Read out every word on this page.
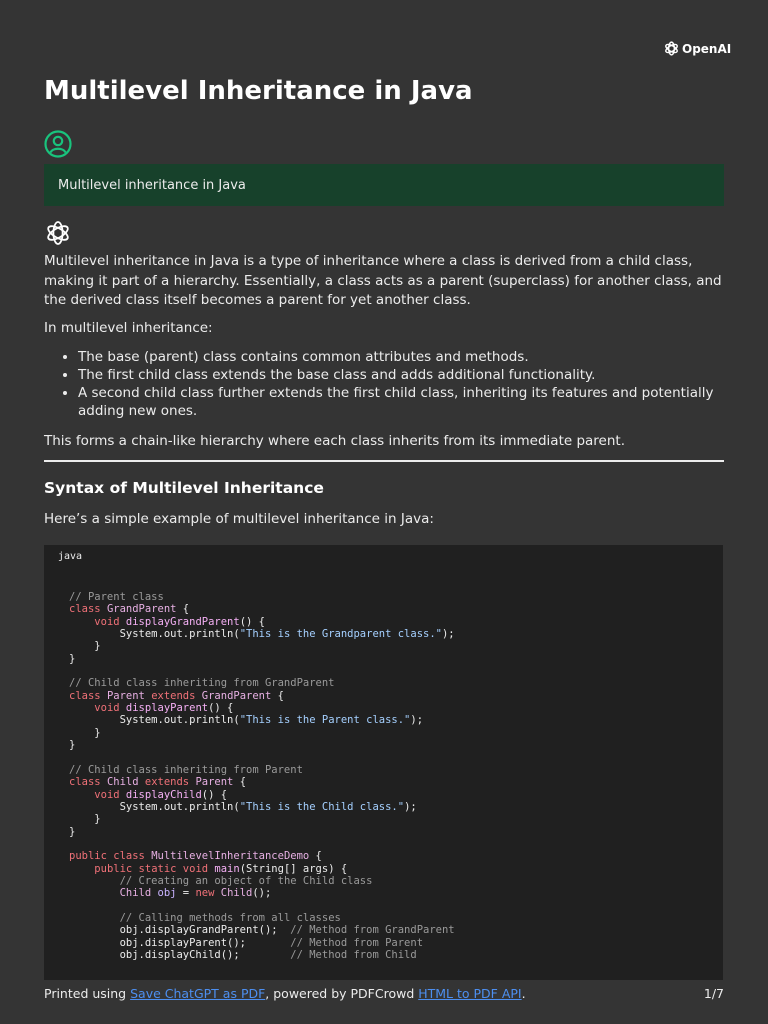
OpenAI
Multilevel Inheritance in Java
Multilevel inheritance in Java

Multilevel inheritance in Java is a type of inheritance where a class is derived from a child class, making it part of a hierarchy. Essentially, a class acts as a parent (superclass) for another class, and the derived class itself becomes a parent for yet another class.

In multilevel inheritance:

• The base (parent) class contains common attributes and methods.
• The first child class extends the base class and adds additional functionality.
• A second child class further extends the first child class, inheriting its features and potentially adding new ones.

This forms a chain-like hierarchy where each class inherits from its immediate parent.

Syntax of Multilevel Inheritance

Here’s a simple example of multilevel inheritance in Java:

java
// Parent class
class GrandParent {
void displayGrandParent() {
System.out.println("This is the Grandparent class.");
}
}

// Child class inheriting from GrandParent
class Parent extends GrandParent {
void displayParent() {
System.out.println("This is the Parent class.");
}
}

// Child class inheriting from Parent
class Child extends Parent {
void displayChild() {
System.out.println("This is the Child class.");
}
}

public class MultilevelInheritanceDemo {
public static void main(String[] args) {
// Creating an object of the Child class
Child obj = new Child();

// Calling methods from all classes
obj.displayGrandParent();  // Method from GrandParent
obj.displayParent();       // Method from Parent
obj.displayChild();        // Method from Child

Printed using Save ChatGPT as PDF, powered by PDFCrowd HTML to PDF API.	1/7
